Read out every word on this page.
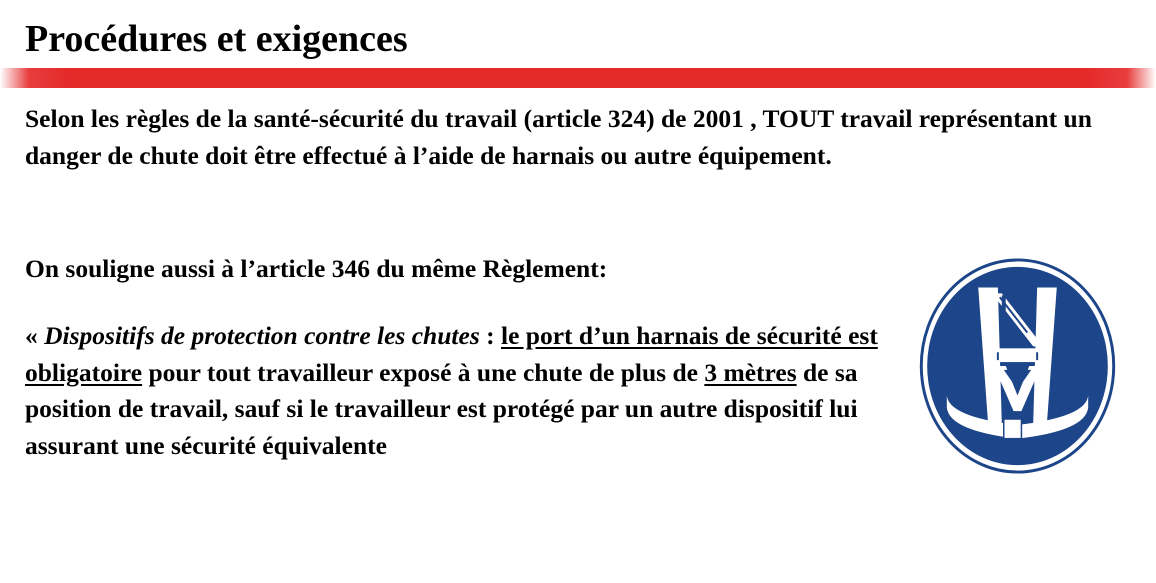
Procédures et exigences

Selon les règles de la santé-sécurité du travail (article 324) de 2001 , TOUT travail représentant un danger de chute doit être effectué à l’aide de harnais ou autre équipement.

On souligne aussi à l’article 346 du même Règlement:

« Dispositifs de protection contre les chutes : le port d’un harnais de sécurité est obligatoire pour tout travailleur exposé à une chute de plus de 3 mètres de sa position de travail, sauf si le travailleur est protégé par un autre dispositif lui assurant une sécurité équivalente
